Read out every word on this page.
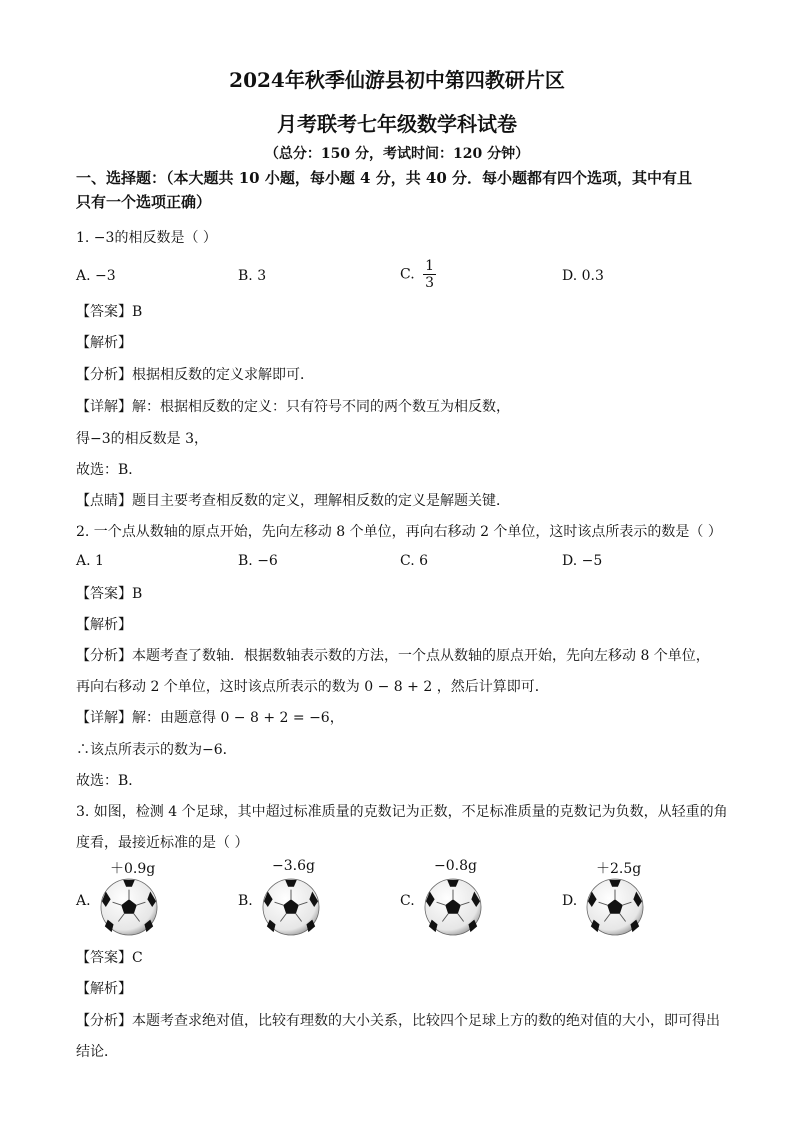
2024年秋季仙游县初中第四教研片区
月考联考七年级数学科试卷
（总分：150 分，考试时间：120 分钟）
一、选择题：（本大题共 10 小题，每小题 4 分，共 40 分．每小题都有四个选项，其中有且
只有一个选项正确）
1. −3的相反数是（ ）
A. −3	B. 3	C. $\frac{1}{3}$	D. 0.3
【答案】B
【解析】
【分析】根据相反数的定义求解即可．
【详解】解：根据相反数的定义：只有符号不同的两个数互为相反数，
得−3的相反数是 3，
故选：B．
【点睛】题目主要考查相反数的定义，理解相反数的定义是解题关键．
2. 一个点从数轴的原点开始，先向左移动 8 个单位，再向右移动 2 个单位，这时该点所表示的数是（ ）
A. 1	B. −6	C. 6	D. −5
【答案】B
【解析】
【分析】本题考查了数轴．根据数轴表示数的方法，一个点从数轴的原点开始，先向左移动 8 个单位，
再向右移动 2 个单位，这时该点所表示的数为 0 − 8 + 2 ，然后计算即可．
【详解】解：由题意得 0 − 8 + 2 = −6，
∴该点所表示的数为−6．
故选：B．
3. 如图，检测 4 个足球，其中超过标准质量的克数记为正数，不足标准质量的克数记为负数，从轻重的角
度看，最接近标准的是（ ）
＋0.9g
A.
−3.6g
B.
−0.8g
C.
＋2.5g
D.
【答案】C
【解析】
【分析】本题考查求绝对值，比较有理数的大小关系，比较四个足球上方的数的绝对值的大小，即可得出
结论．
